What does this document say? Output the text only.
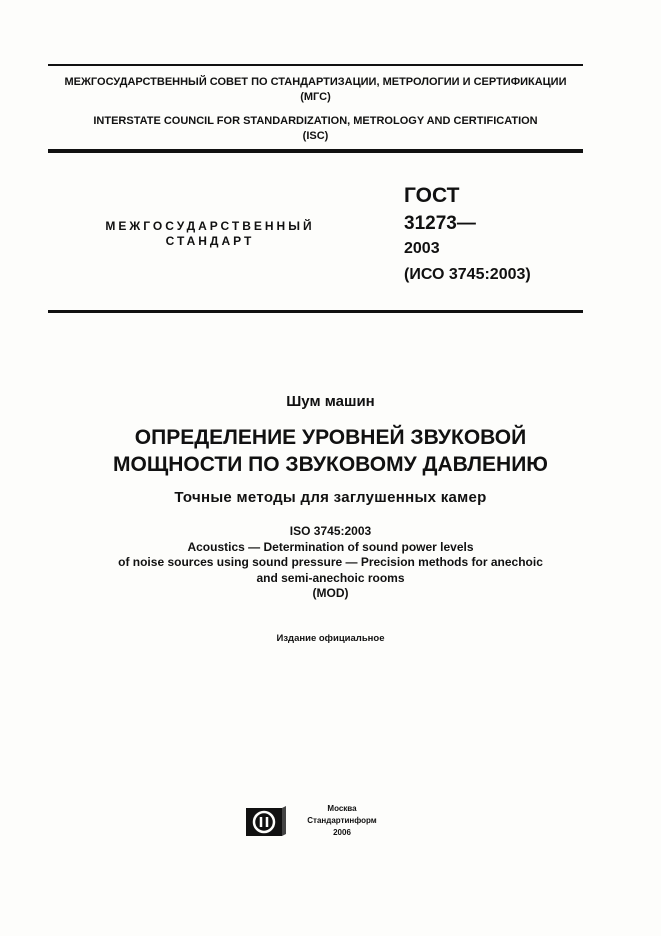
МЕЖГОСУДАРСТВЕННЫЙ СОВЕТ ПО СТАНДАРТИЗАЦИИ, МЕТРОЛОГИИ И СЕРТИФИКАЦИИ
(МГС)
INTERSTATE COUNCIL FOR STANDARDIZATION, METROLOGY AND CERTIFICATION
(ISC)
МЕЖГОСУДАРСТВЕННЫЙ
СТАНДАРТ
ГОСТ
31273—
2003
(ИСО 3745:2003)
Шум машин
ОПРЕДЕЛЕНИЕ УРОВНЕЙ ЗВУКОВОЙ
МОЩНОСТИ ПО ЗВУКОВОМУ ДАВЛЕНИЮ
Точные методы для заглушенных камер
ISO 3745:2003
Acoustics — Determination of sound power levels
of noise sources using sound pressure — Precision methods for anechoic
and semi-anechoic rooms
(MOD)
Издание официальное
Москва
Стандартинформ
2006
